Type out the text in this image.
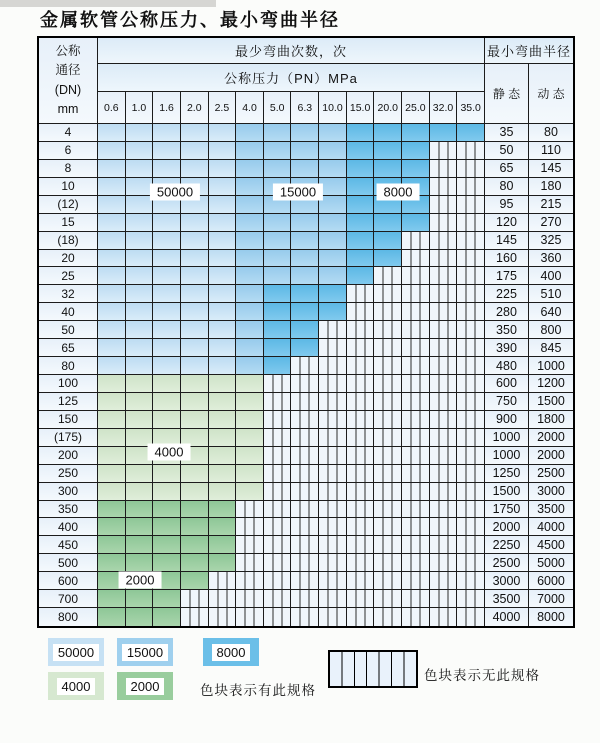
金属软管公称压力、最小弯曲半径
公称
通径
(DN)
mm
最少弯曲次数，次	最小弯曲半径
公称压力（PN）MPa
静 态	动 态
0.6	1.0	1.6	2.0	2.5	4.0	5.0	6.3 10.0 15.0 20.0 25.0 32.0 35.0
4	35	80
6	50	110
8	65	145
10	80	180
(12)	95	215
15	120	270
(18)	145	325
20	160	360
25	175	400
32	225	510
40	280	640
50	350	800
65	390	845
80	480	1000
100	600	1200
125	750	1500
150	900	1800
(175)	1000	2000
200	1000	2000
250	1250	2500
300	1500	3000
350	1750	3500
400	2000	4000
450	2250	4500
500	2500	5000
600	3000	6000
700	3500	7000
800	4000	8000
50000	15000	8000
4000
2000
色块表示有此规格
色块表示无此规格
50000	15000	8000
4000	2000
